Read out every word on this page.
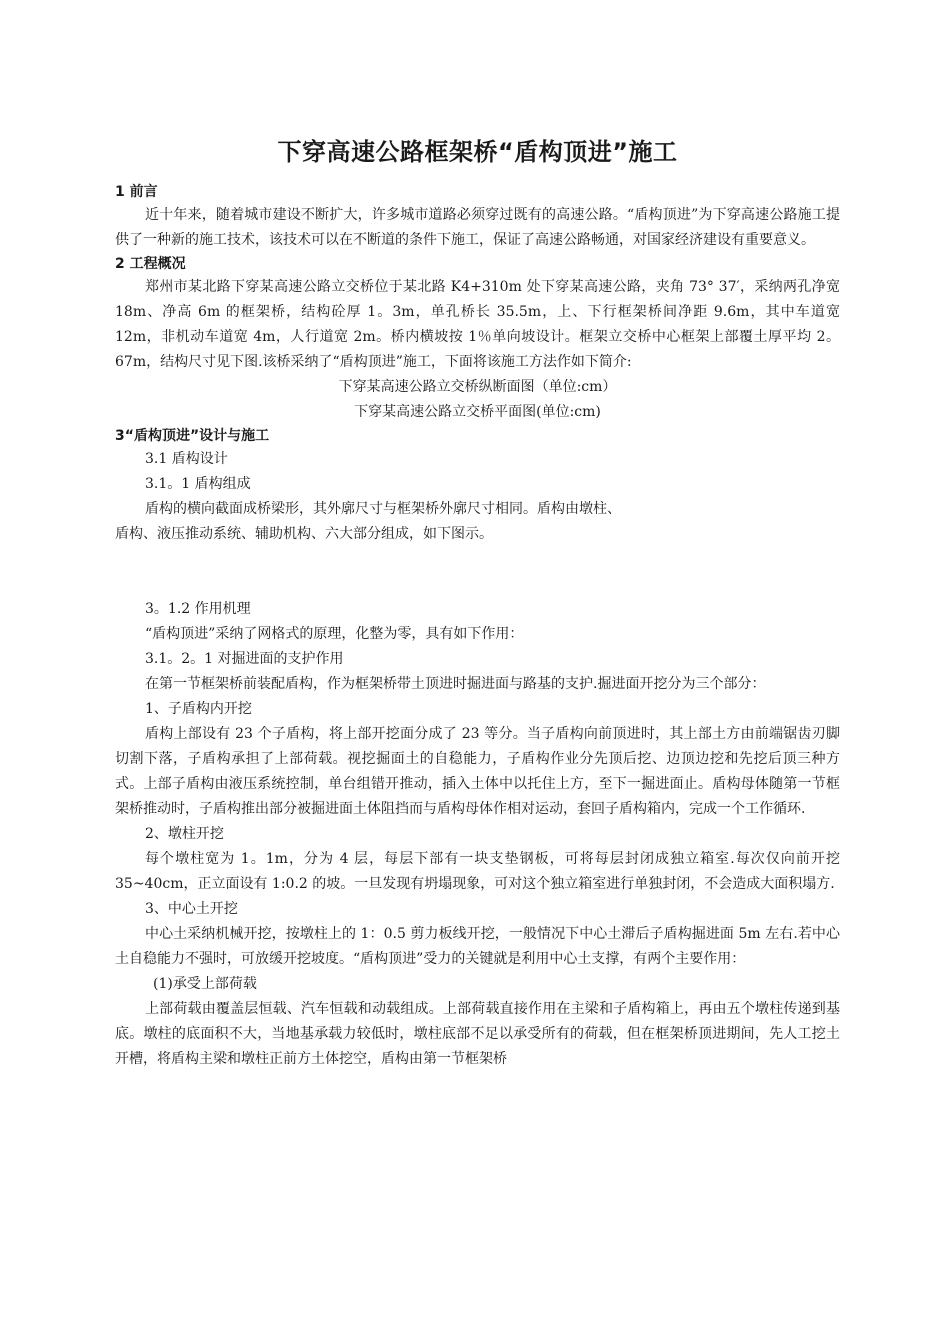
下穿高速公路框架桥“盾构顶进”施工

1 前言

近十年来，随着城市建设不断扩大，许多城市道路必须穿过既有的高速公路。“盾构顶进”为下穿高速公路施工提供了一种新的施工技术，该技术可以在不断道的条件下施工，保证了高速公路畅通，对国家经济建设有重要意义。

2 工程概况

郑州市某北路下穿某高速公路立交桥位于某北路 K4+310m 处下穿某高速公路，夹角 73° 37′，采纳两孔净宽 18m、净高 6m 的框架桥，结构砼厚 1。3m，单孔桥长 35.5m，上、下行框架桥间净距 9.6m，其中车道宽 12m，非机动车道宽 4m，人行道宽 2m。桥内横坡按 1％单向坡设计。框架立交桥中心框架上部覆土厚平均 2。67m，结构尺寸见下图.该桥采纳了“盾构顶进”施工，下面将该施工方法作如下简介:

下穿某高速公路立交桥纵断面图（单位:cm）

下穿某高速公路立交桥平面图(单位:cm)

3“盾构顶进”设计与施工

3.1 盾构设计

3.1。1 盾构组成

盾构的横向截面成桥梁形，其外廓尺寸与框架桥外廓尺寸相同。盾构由墩柱、

盾构、液压推动系统、辅助机构、六大部分组成，如下图示。

3。1.2 作用机理

“盾构顶进”采纳了网格式的原理，化整为零，具有如下作用：

3.1。2。1 对掘进面的支护作用

在第一节框架桥前装配盾构，作为框架桥带土顶进时掘进面与路基的支护.掘进面开挖分为三个部分：

1、子盾构内开挖

盾构上部设有 23 个子盾构，将上部开挖面分成了 23 等分。当子盾构向前顶进时，其上部土方由前端锯齿刃脚切割下落，子盾构承担了上部荷载。视挖掘面土的自稳能力，子盾构作业分先顶后挖、边顶边挖和先挖后顶三种方式。上部子盾构由液压系统控制，单台组错开推动，插入土体中以托住上方，至下一掘进面止。盾构母体随第一节框架桥推动时，子盾构推出部分被掘进面土体阻挡而与盾构母体作相对运动，套回子盾构箱内，完成一个工作循环.

2、墩柱开挖

每个墩柱宽为 1。1m，分为 4 层，每层下部有一块支垫钢板，可将每层封闭成独立箱室.每次仅向前开挖 35~40cm，正立面设有 1:0.2 的坡。一旦发现有坍塌现象，可对这个独立箱室进行单独封闭，不会造成大面积塌方.

3、中心土开挖

中心土采纳机械开挖，按墩柱上的 1：0.5 剪力板线开挖，一般情况下中心土滞后子盾构掘进面 5m 左右.若中心土自稳能力不强时，可放缓开挖坡度。“盾构顶进”受力的关键就是利用中心土支撑，有两个主要作用：

(1)承受上部荷载

上部荷载由覆盖层恒载、汽车恒载和动载组成。上部荷载直接作用在主梁和子盾构箱上，再由五个墩柱传递到基底。墩柱的底面积不大，当地基承载力较低时，墩柱底部不足以承受所有的荷载，但在框架桥顶进期间，先人工挖土开槽，将盾构主梁和墩柱正前方土体挖空，盾构由第一节框架桥
